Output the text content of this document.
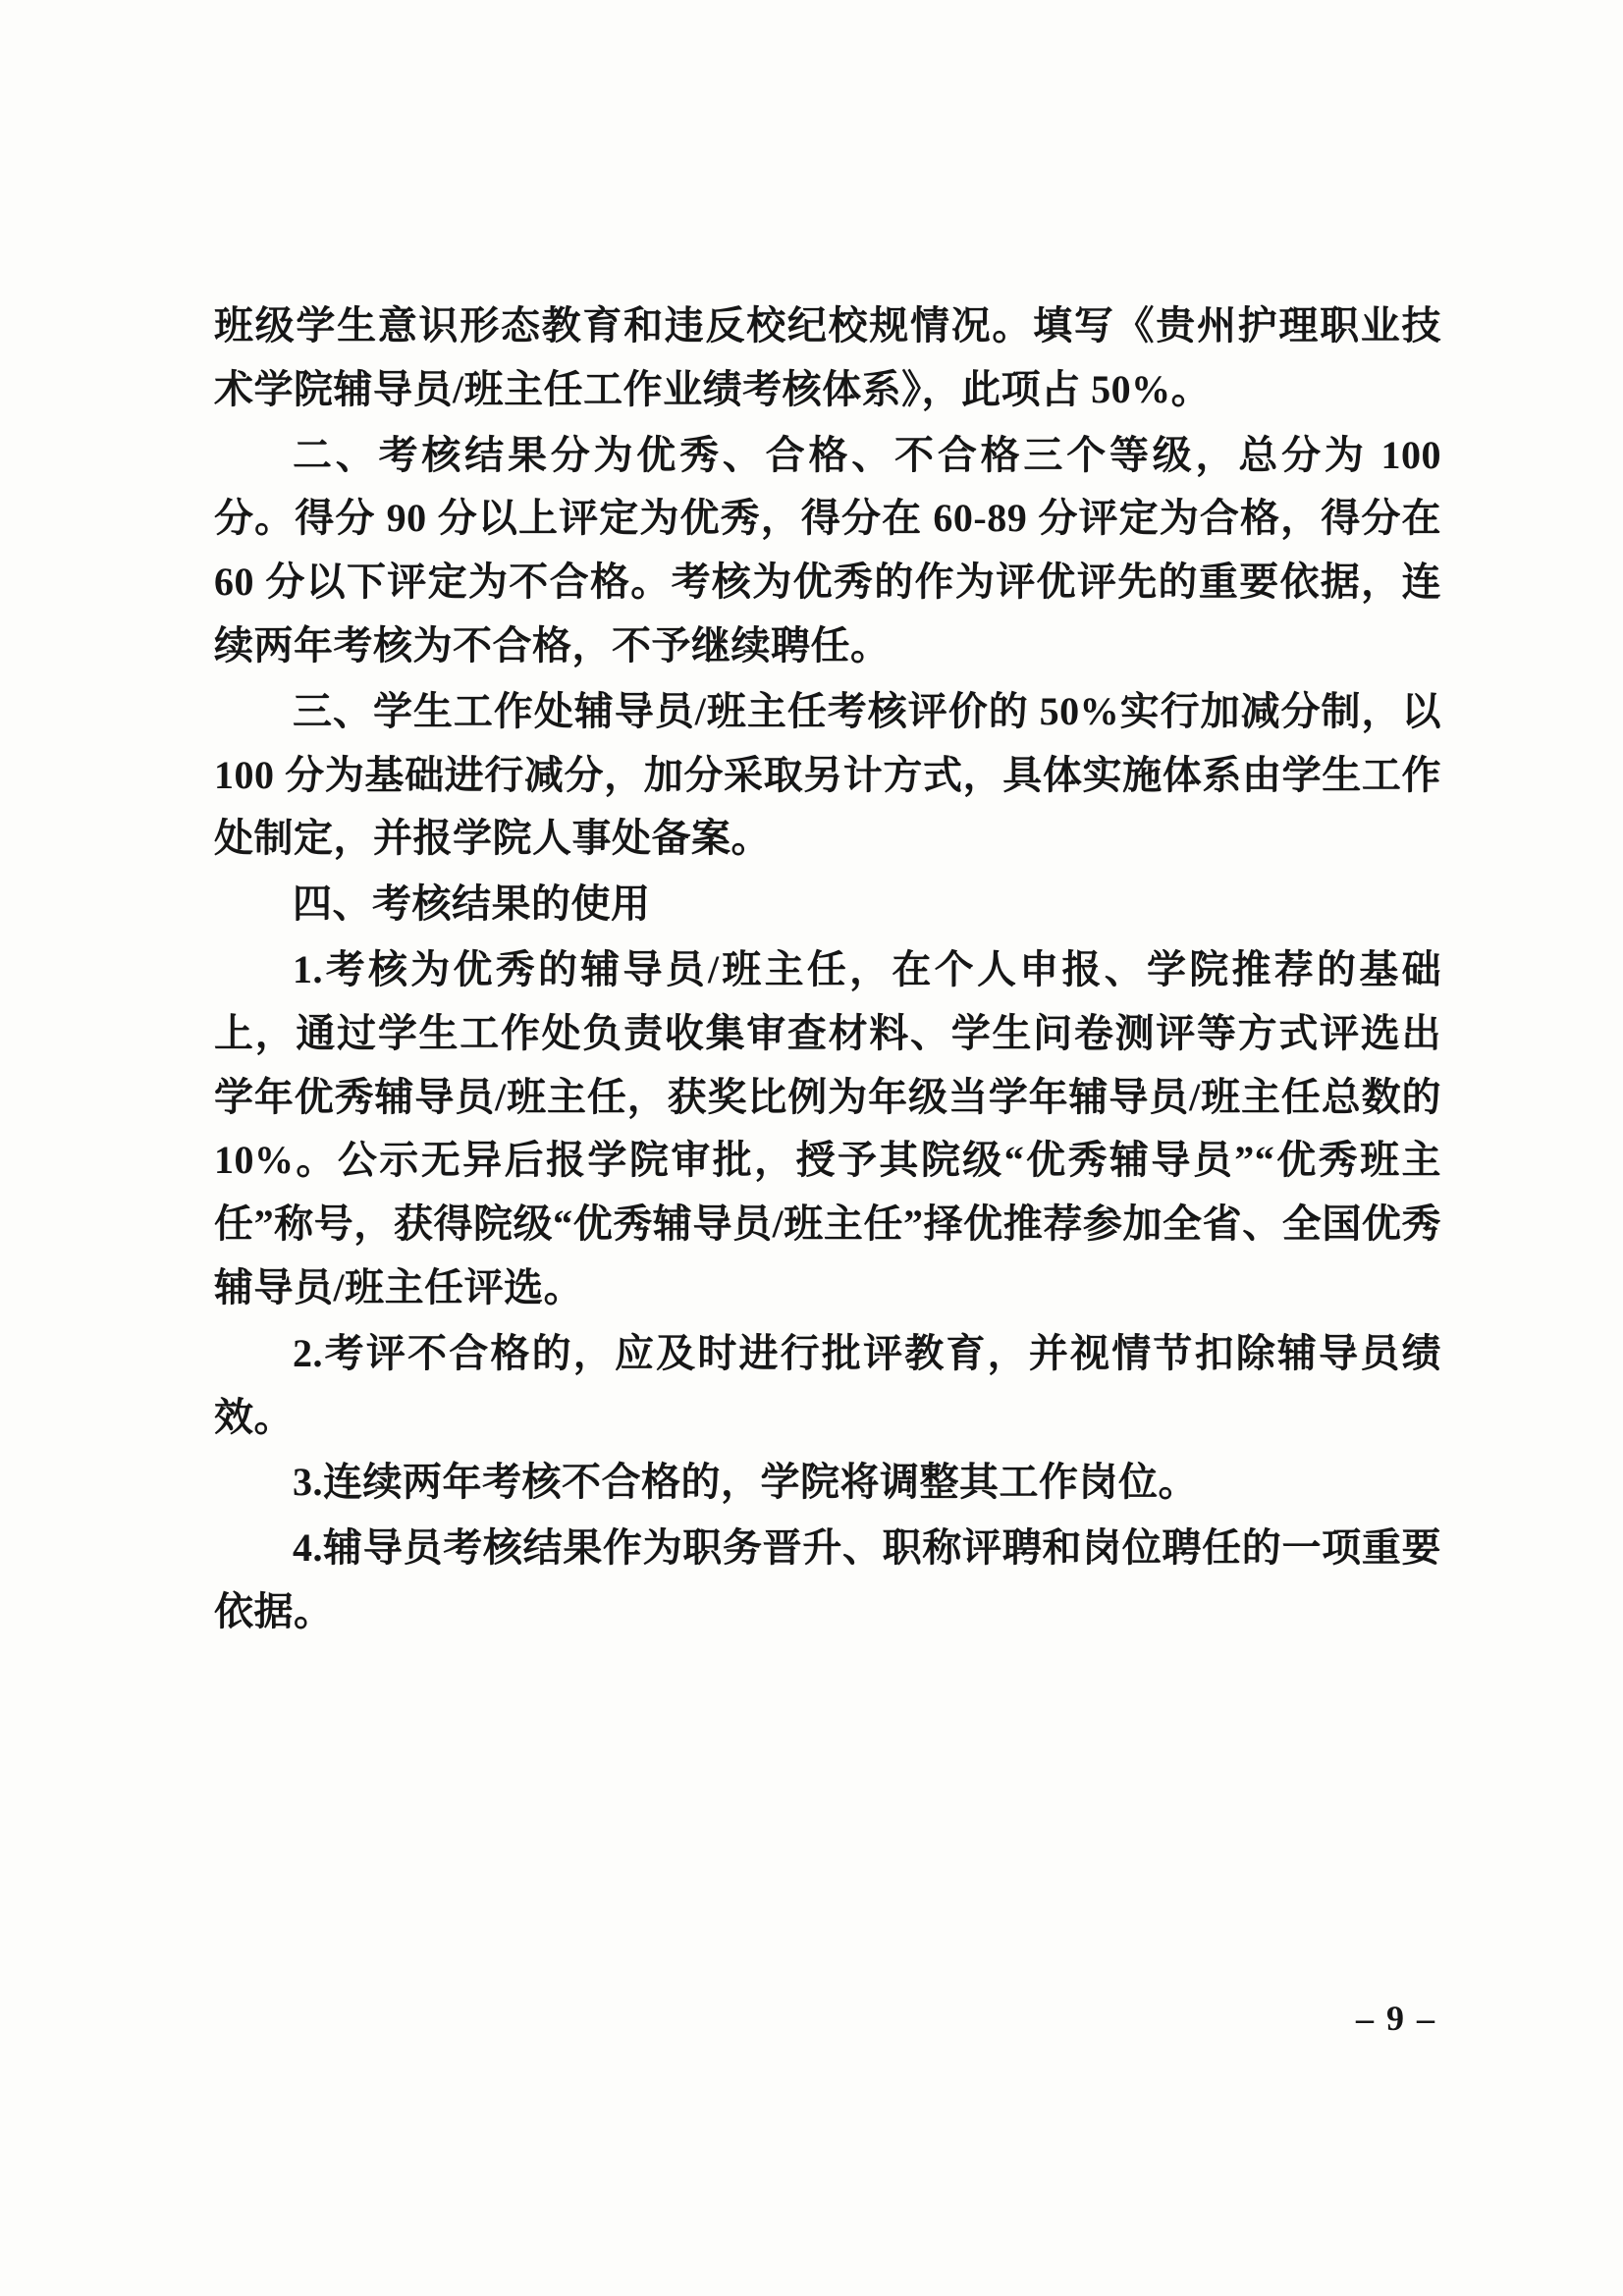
班级学生意识形态教育和违反校纪校规情况。填写《贵州护理职业技术学院辅导员/班主任工作业绩考核体系》，此项占 50%。

二、考核结果分为优秀、合格、不合格三个等级，总分为 100 分。得分 90 分以上评定为优秀，得分在 60-89 分评定为合格，得分在 60 分以下评定为不合格。考核为优秀的作为评优评先的重要依据，连续两年考核为不合格，不予继续聘任。

三、学生工作处辅导员/班主任考核评价的 50%实行加减分制，以 100 分为基础进行减分，加分采取另计方式，具体实施体系由学生工作处制定，并报学院人事处备案。

四、考核结果的使用

1.考核为优秀的辅导员/班主任，在个人申报、学院推荐的基础上，通过学生工作处负责收集审查材料、学生问卷测评等方式评选出学年优秀辅导员/班主任，获奖比例为年级当学年辅导员/班主任总数的 10%。公示无异后报学院审批，授予其院级“优秀辅导员”“优秀班主任”称号，获得院级“优秀辅导员/班主任”择优推荐参加全省、全国优秀辅导员/班主任评选。

2.考评不合格的，应及时进行批评教育，并视情节扣除辅导员绩效。

3.连续两年考核不合格的，学院将调整其工作岗位。

4.辅导员考核结果作为职务晋升、职称评聘和岗位聘任的一项重要依据。

– 9 –
